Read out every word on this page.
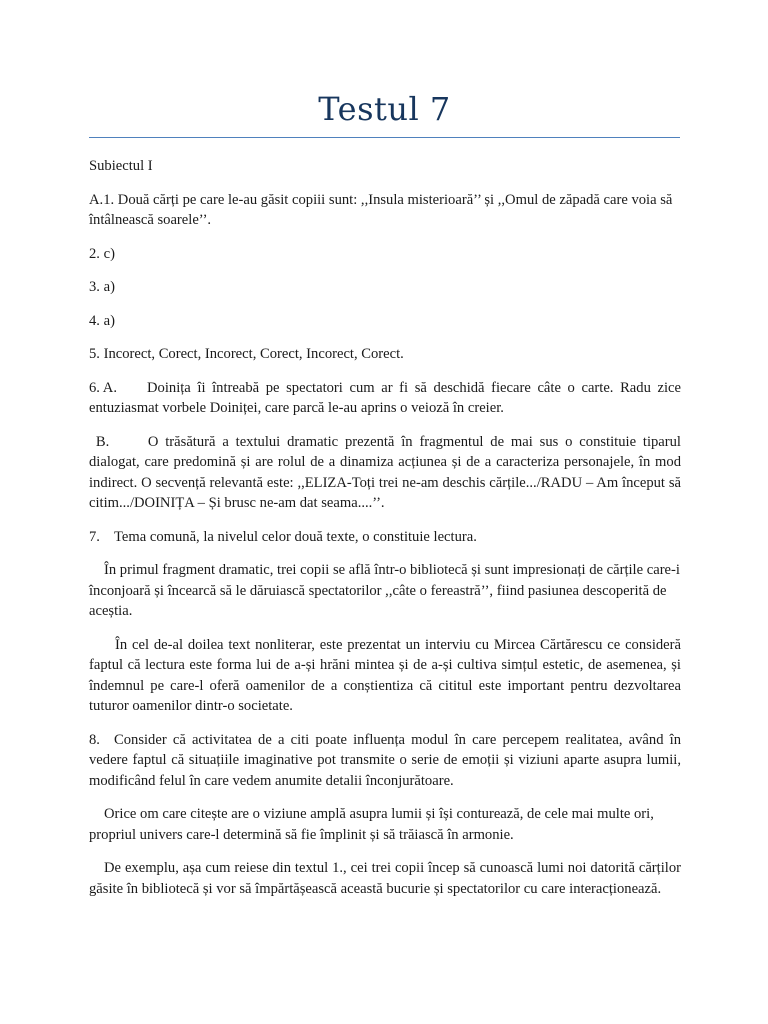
Testul 7

Subiectul I

A.1. Două cărți pe care le-au găsit copiii sunt: ,,Insula misterioară’’ și ,,Omul de zăpadă care voia să întâlnească soarele’’.

2. c)

3. a)

4. a)

5. Incorect, Corect, Incorect, Corect, Incorect, Corect.

6. A. Doinița îi întreabă pe spectatori cum ar fi să deschidă fiecare câte o carte. Radu zice entuziasmat vorbele Doiniței, care parcă le-au aprins o veioză în creier.

B.	O trăsătură a textului dramatic prezentă în fragmentul de mai sus o constituie tiparul dialogat, care predomină și are rolul de a dinamiza acțiunea și de a caracteriza personajele, în mod indirect. O secvență relevantă este: ,,ELIZA-Toți trei ne-am deschis cărțile.../RADU – Am început să citim.../DOINIȚA – Și brusc ne-am dat seama....’’.

7. Tema comună, la nivelul celor două texte, o constituie lectura.

În primul fragment dramatic, trei copii se află într-o bibliotecă și sunt impresionați de cărțile care-i înconjoară și încearcă să le dăruiască spectatorilor ,,câte o fereastră’’, fiind pasiunea descoperită de aceștia.

În cel de-al doilea text nonliterar, este prezentat un interviu cu Mircea Cărtărescu ce consideră faptul că lectura este forma lui de a-și hrăni mintea și de a-și cultiva simțul estetic, de asemenea, și îndemnul pe care-l oferă oamenilor de a conștientiza că cititul este important pentru dezvoltarea tuturor oamenilor dintr-o societate.

8. Consider că activitatea de a citi poate influența modul în care percepem realitatea, având în vedere faptul că situațiile imaginative pot transmite o serie de emoții și viziuni aparte asupra lumii, modificând felul în care vedem anumite detalii înconjurătoare.

Orice om care citește are o viziune amplă asupra lumii și își conturează, de cele mai multe ori, propriul univers care-l determină să fie împlinit și să trăiască în armonie.

De exemplu, așa cum reiese din textul 1., cei trei copii încep să cunoască lumi noi datorită cărților găsite în bibliotecă și vor să împărtășească această bucurie și spectatorilor cu care interacționează.
